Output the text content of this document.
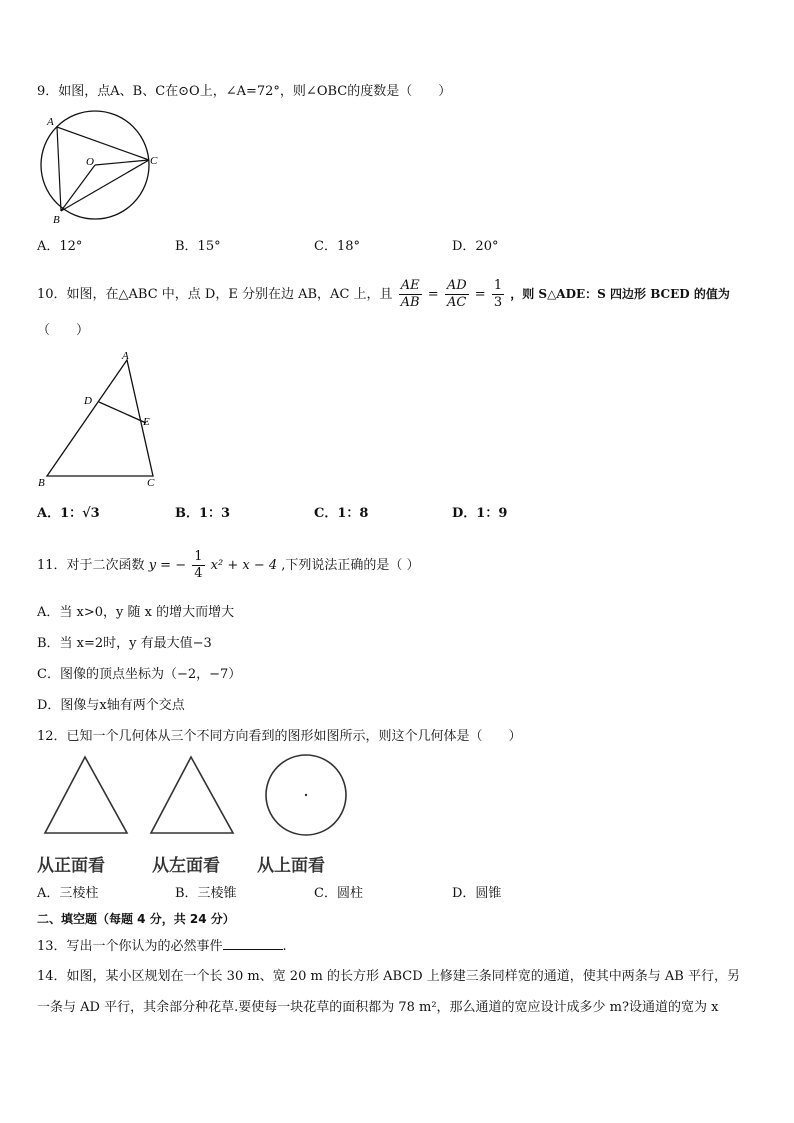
9．如图，点A、B、C在⊙O上，∠A=72°，则∠OBC的度数是（　　）
A
O	C
B
A．12°	B．15°	C．18°	D．20°
10．如图，在△ABC 中，点 D，E 分别在边 AB，AC 上，且 $\frac{AE}{AB} = \frac{AD}{AC} = \frac{1}{3}$ ，则 S△ADE：S 四边形 BCED 的值为
（　　）
A
D
E
B	C
A．1：√3	B．1：3	C．1：8	D．1：9
11．对于二次函数 y = − $\frac{1}{4} x^2 + x - 4$ ,下列说法正确的是（ ）
A．当 x>0，y 随 x 的增大而增大
B．当 x=2时，y 有最大值−3
C．图像的顶点坐标为（−2，−7）
D．图像与x轴有两个交点
12．已知一个几何体从三个不同方向看到的图形如图所示，则这个几何体是（　　）
从正面看	从左面看 从上面看
A．三棱柱	B．三棱锥	C．圆柱	D．圆锥
二、填空题（每题 4 分，共 24 分）
13．写出一个你认为的必然事件	.
14．如图，某小区规划在一个长 30 m、宽 20 m 的长方形 ABCD 上修建三条同样宽的通道，使其中两条与 AB 平行，另
一条与 AD 平行，其余部分种花草.要使每一块花草的面积都为 78 m²，那么通道的宽应设计成多少 m?设通道的宽为 x
